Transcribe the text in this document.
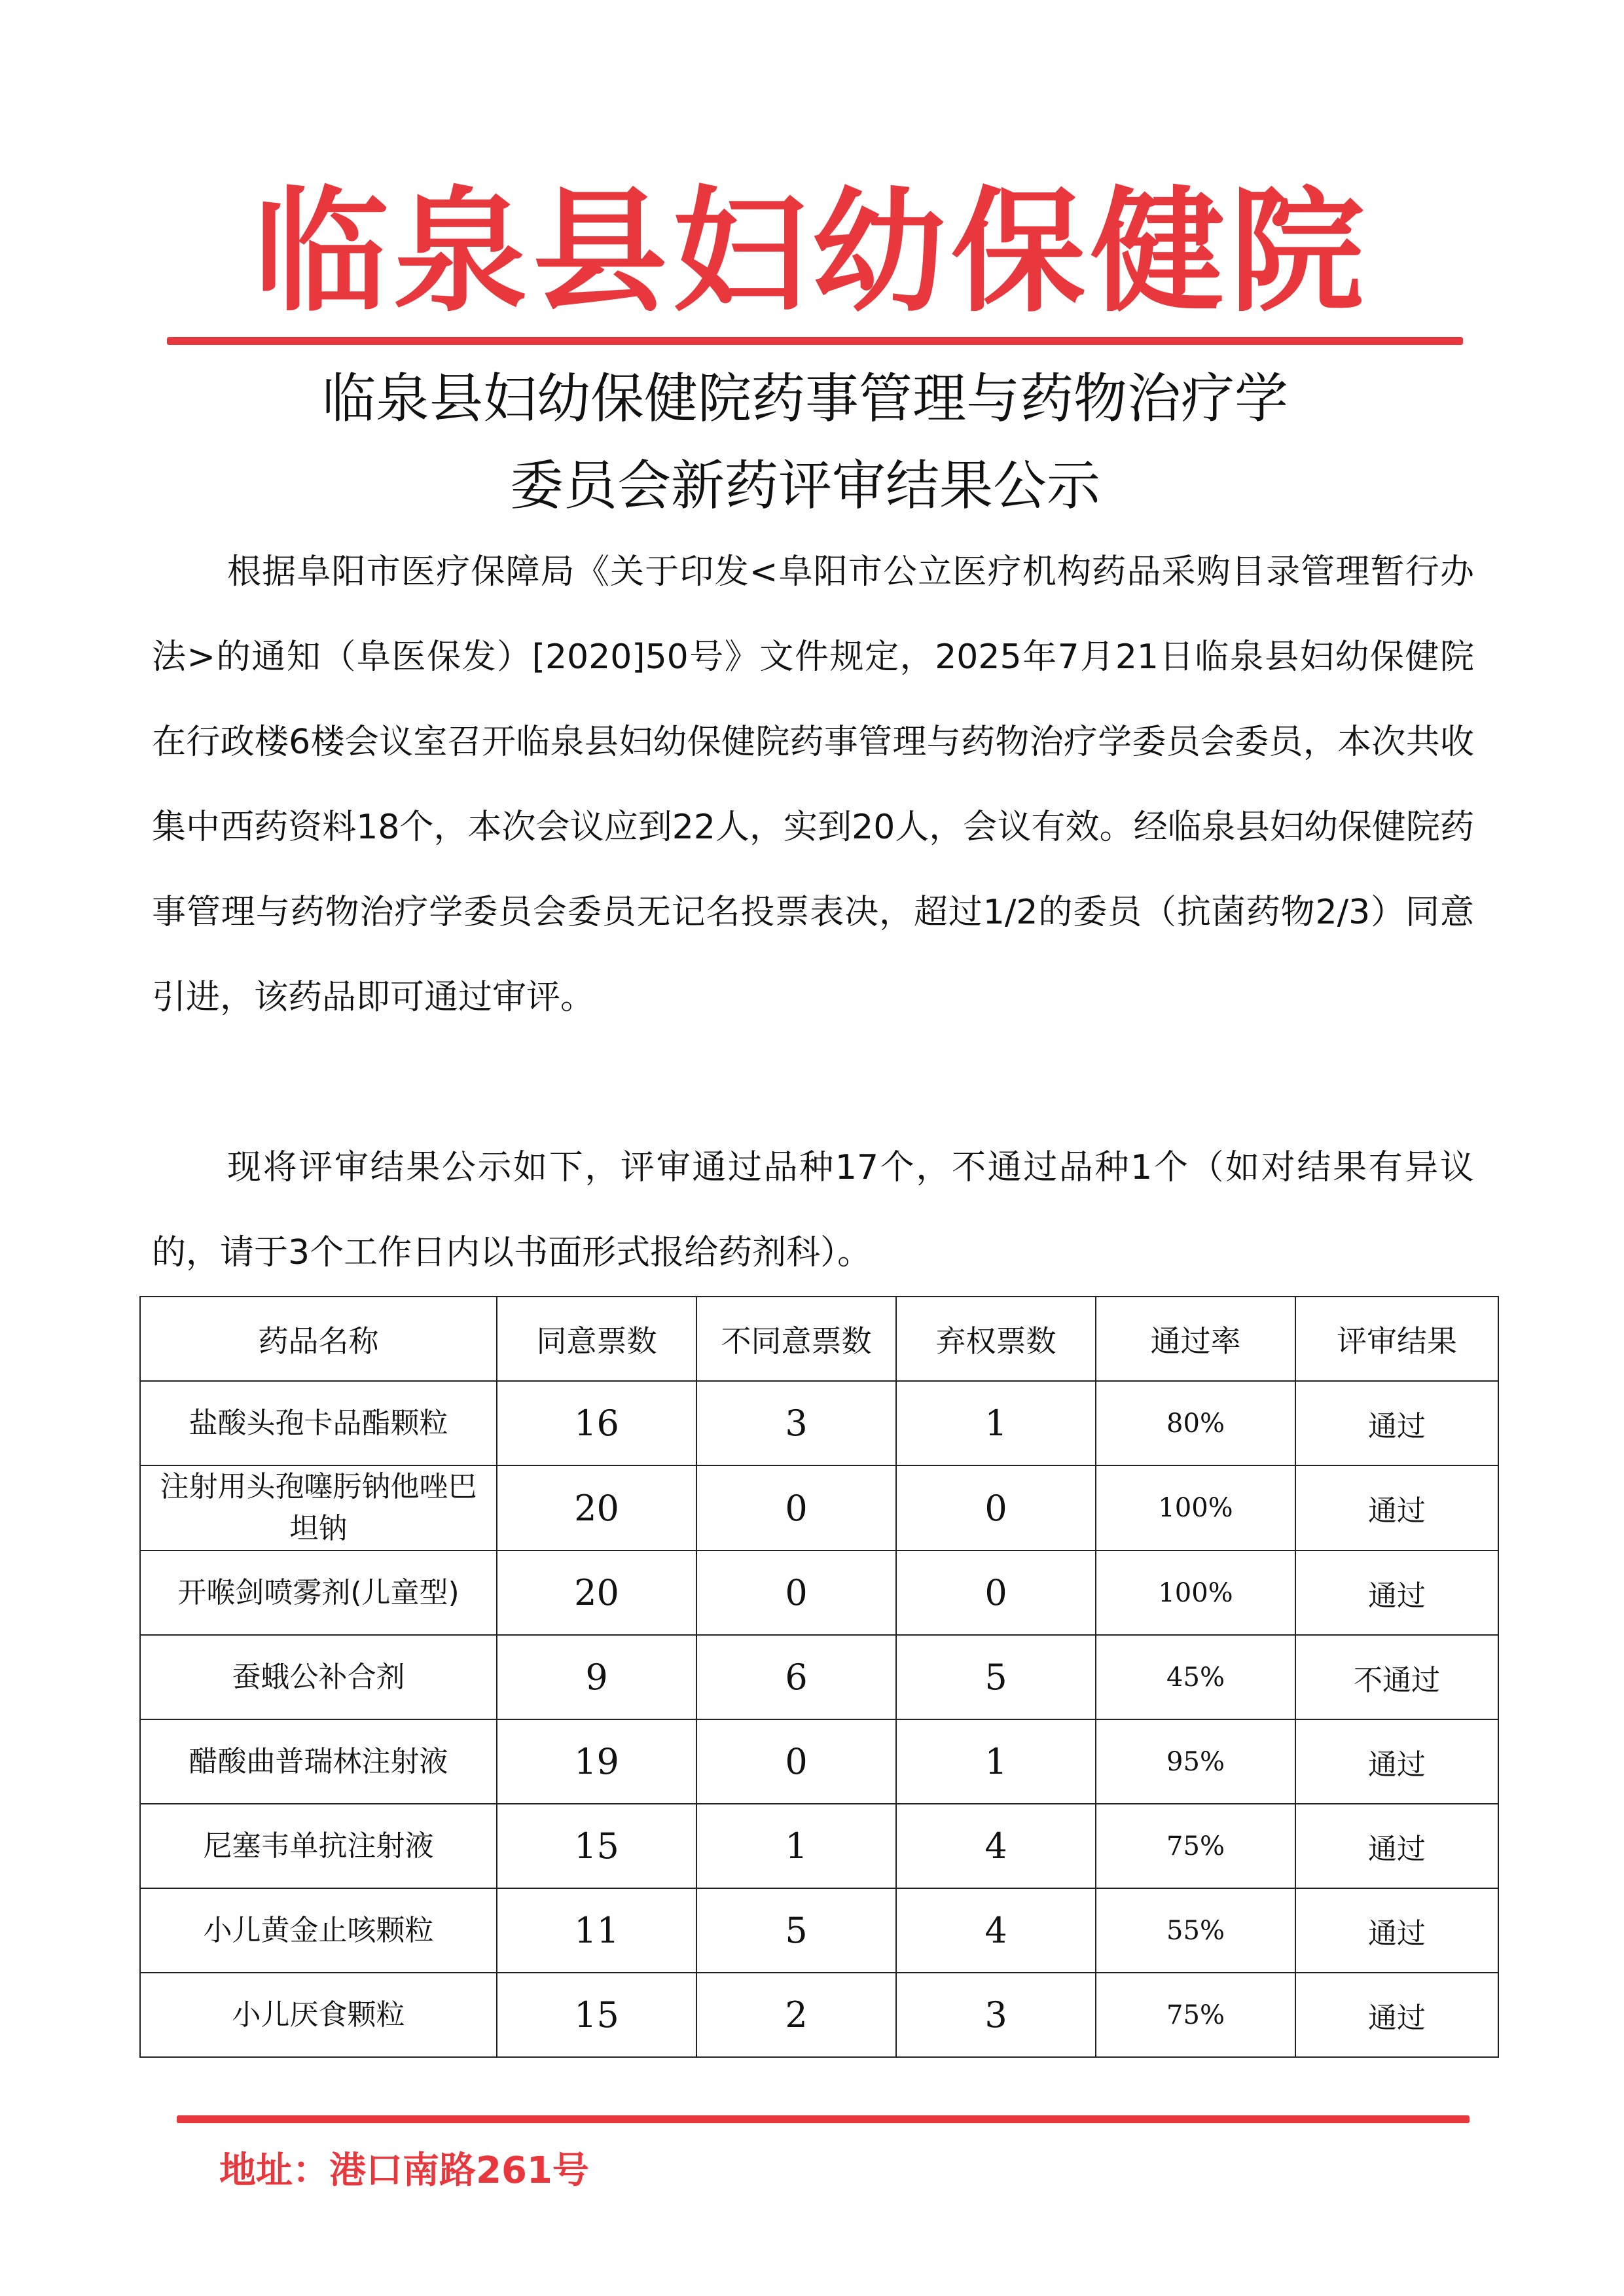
临泉县妇幼保健院
临泉县妇幼保健院药事管理与药物治疗学
委员会新药评审结果公示

根据阜阳市医疗保障局《关于印发<阜阳市公立医疗机构药品采购目录管理暂行办法>的通知（阜医保发）[2020]50号》文件规定，2025年7月21日临泉县妇幼保健院在行政楼6楼会议室召开临泉县妇幼保健院药事管理与药物治疗学委员会委员，本次共收集中西药资料18个，本次会议应到22人，实到20人，会议有效。经临泉县妇幼保健院药事管理与药物治疗学委员会委员无记名投票表决，超过1/2的委员（抗菌药物2/3）同意引进，该药品即可通过审评。

现将评审结果公示如下，评审通过品种17个，不通过品种1个（如对结果有异议的，请于3个工作日内以书面形式报给药剂科）。

药品名称	同意票数	不同意票数	弃权票数	通过率	评审结果
盐酸头孢卡品酯颗粒	16	3	1	80%	通过
注射用头孢噻肟钠他唑巴坦钠	20	0	0	100%	通过
开喉剑喷雾剂(儿童型)	20	0	0	100%	通过
蚕蛾公补合剂	9	6	5	45%	不通过
醋酸曲普瑞林注射液	19	0	1	95%	通过
尼塞韦单抗注射液	15	1	4	75%	通过
小儿黄金止咳颗粒	11	5	4	55%	通过
小儿厌食颗粒	15	2	3	75%	通过
地址：港口南路261号
